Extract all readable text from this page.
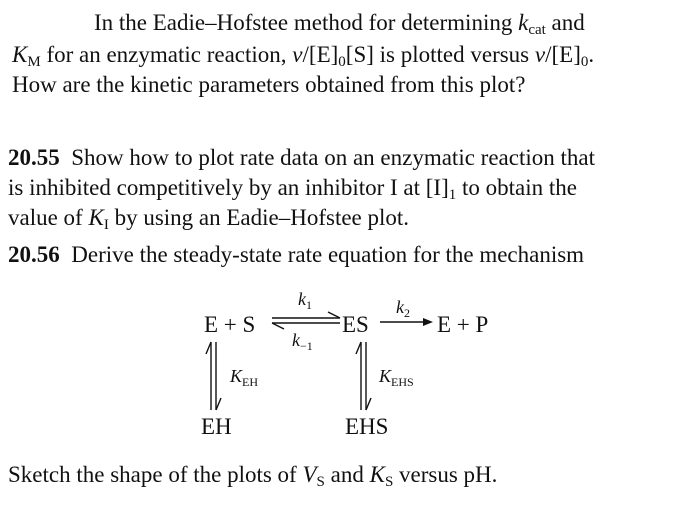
In the Eadie–Hofstee method for determining $k_{cat}$ and
$K_M$ for an enzymatic reaction, $v/[E]_0[S]$ is plotted versus $v/[E]_0$.
How are the kinetic parameters obtained from this plot?
20.55 Show how to plot rate data on an enzymatic reaction that
is inhibited competitively by an inhibitor I at $[I]_1$ to obtain the
value of $K_I$ by using an Eadie–Hofstee plot.
20.56 Derive the steady-state rate equation for the mechanism
E + S	ES	E + P
EH	EHS
$k_1$
$k_{-1}$
$k_2$
$K_{EH}$	$K_{EHS}$
Sketch the shape of the plots of $V_S$ and $K_S$ versus pH.
